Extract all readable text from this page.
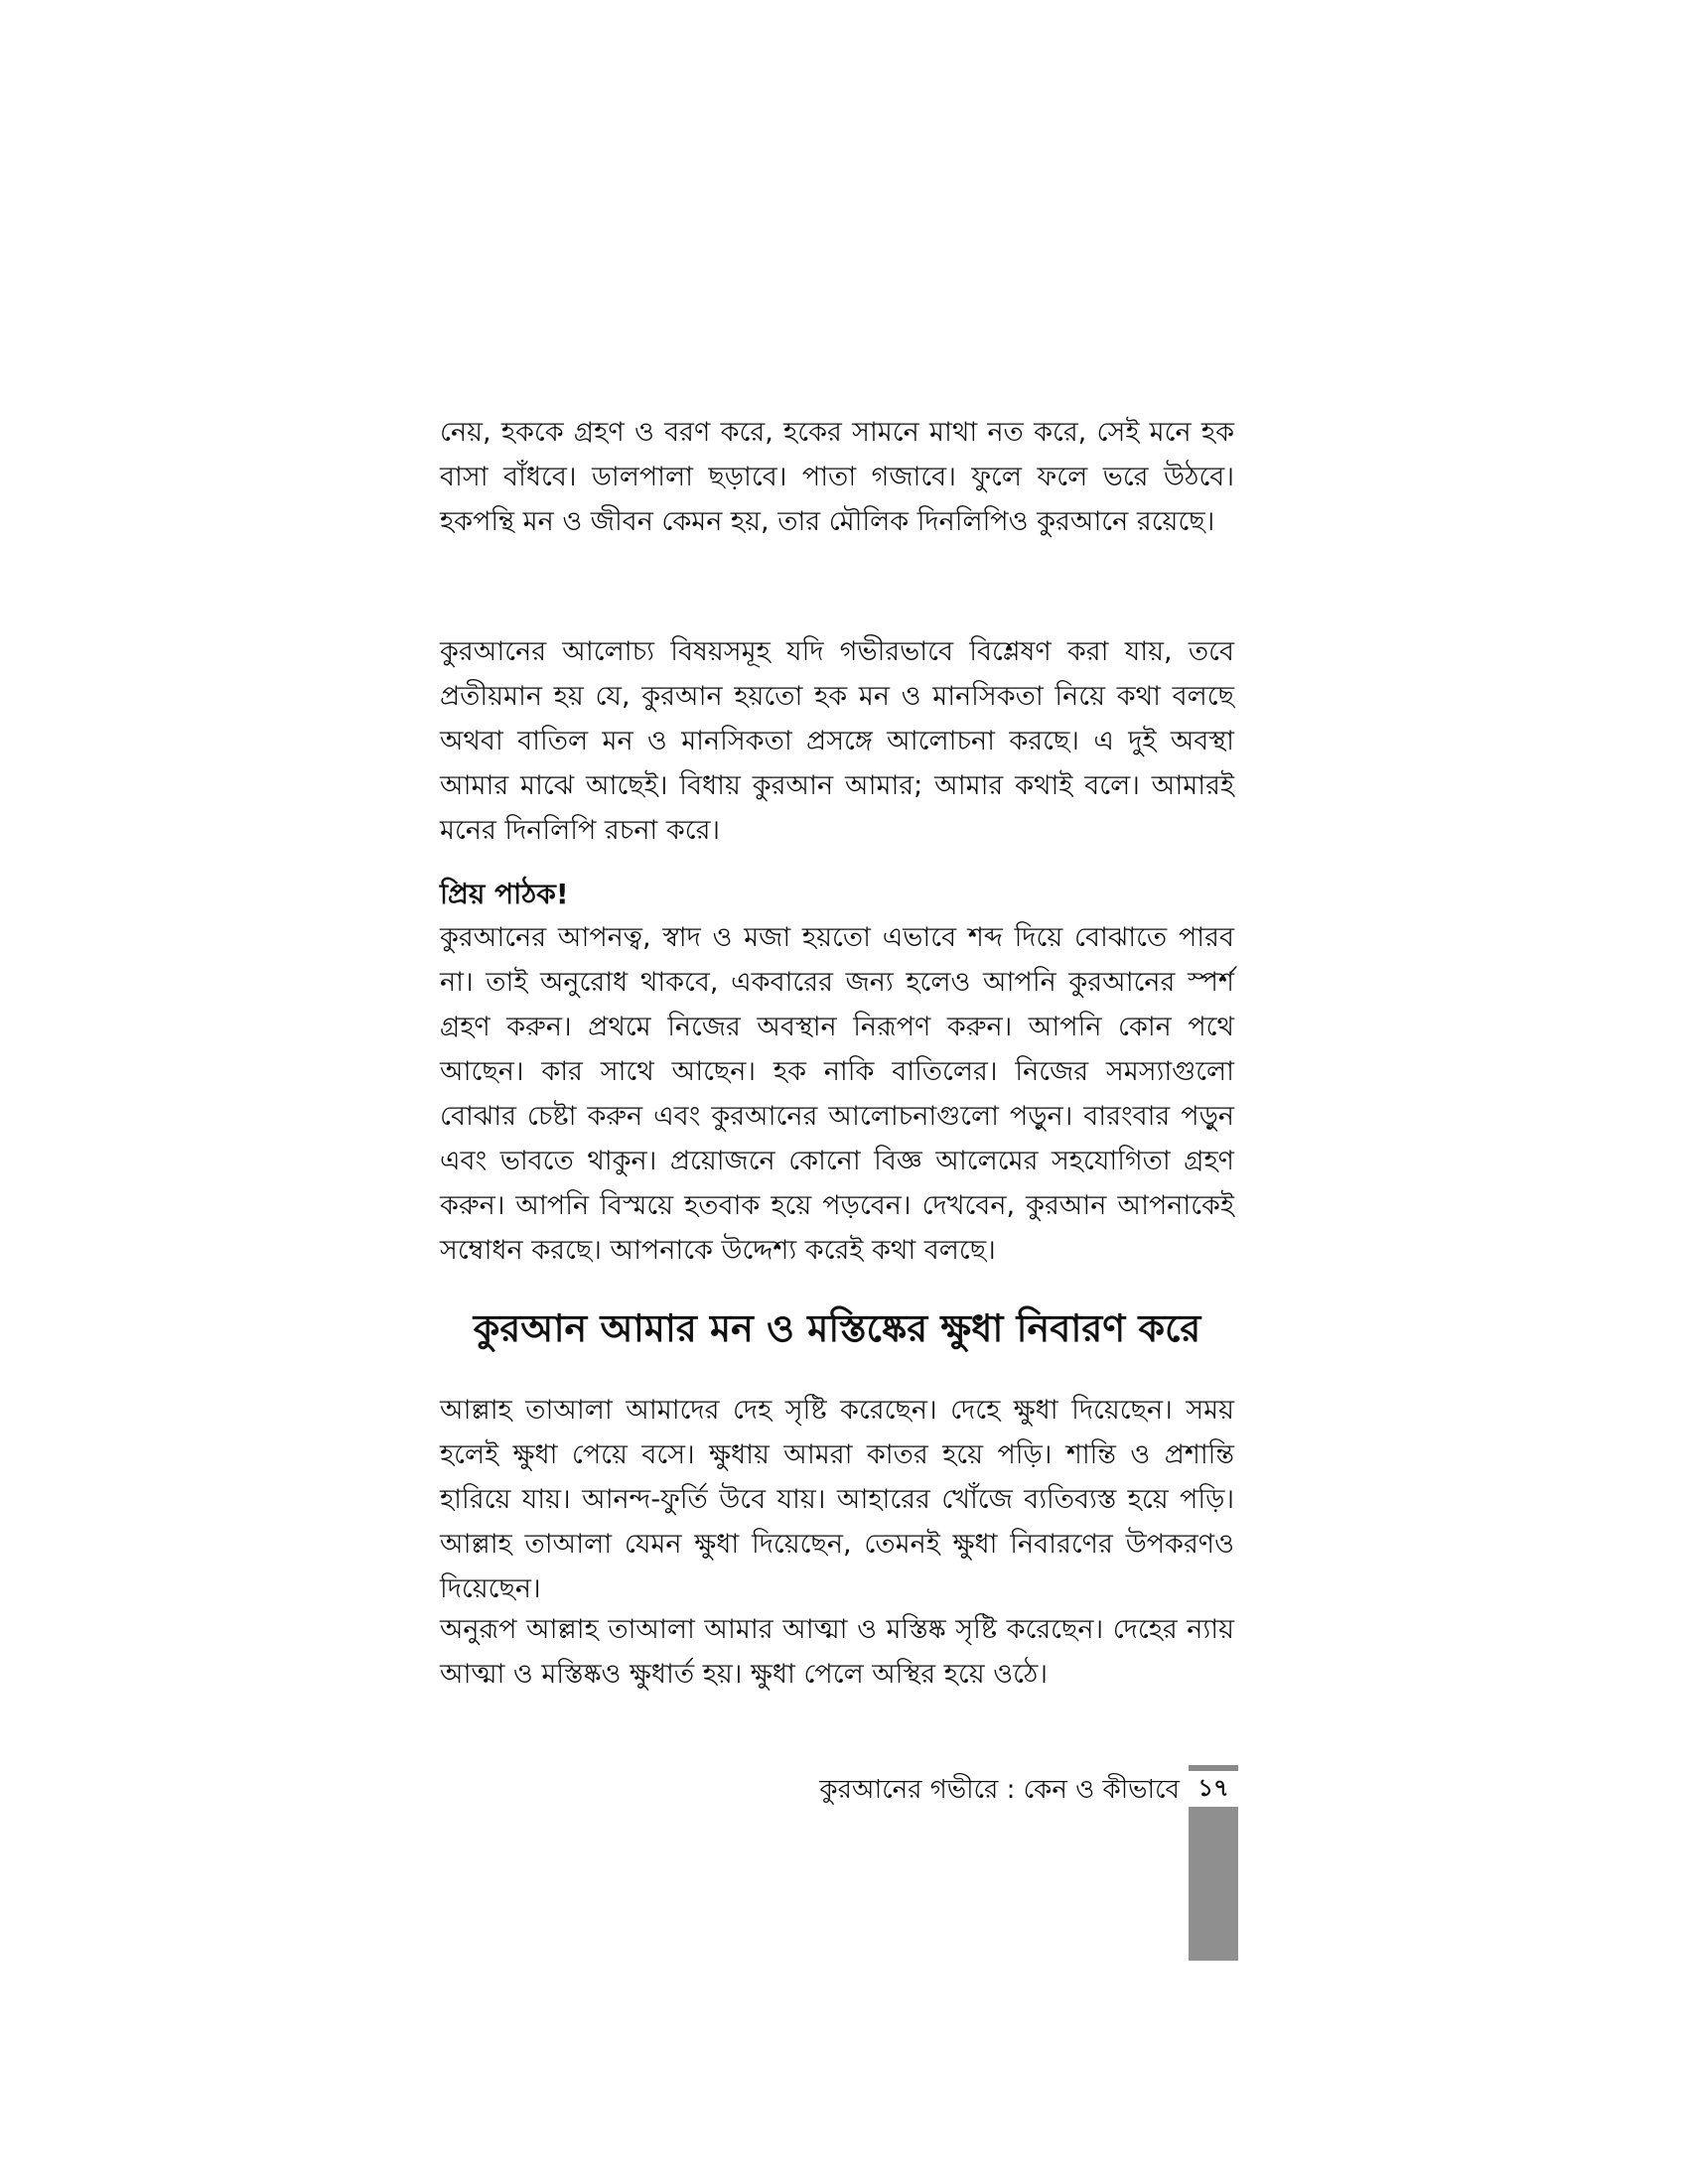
নেয়, হককে গ্রহণ ও বরণ করে, হকের সামনে মাথা নত করে, সেই মনে হক বাসা বাঁধবে। ডালপালা ছড়াবে। পাতা গজাবে। ফুলে ফলে ভরে উঠবে। হকপন্থি মন ও জীবন কেমন হয়, তার মৌলিক দিনলিপিও কুরআনে রয়েছে।

কুরআনের আলোচ্য বিষয়সমূহ যদি গভীরভাবে বিশ্লেষণ করা যায়, তবে প্রতীয়মান হয় যে, কুরআন হয়তো হক মন ও মানসিকতা নিয়ে কথা বলছে অথবা বাতিল মন ও মানসিকতা প্রসঙ্গে আলোচনা করছে। এ দুই অবস্থা আমার মাঝে আছেই। বিধায় কুরআন আমার; আমার কথাই বলে। আমারই মনের দিনলিপি রচনা করে।

প্রিয় পাঠক!

কুরআনের আপনত্ব, স্বাদ ও মজা হয়তো এভাবে শব্দ দিয়ে বোঝাতে পারব না। তাই অনুরোধ থাকবে, একবারের জন্য হলেও আপনি কুরআনের স্পর্শ গ্রহণ করুন। প্রথমে নিজের অবস্থান নিরূপণ করুন। আপনি কোন পথে আছেন। কার সাথে আছেন। হক নাকি বাতিলের। নিজের সমস্যাগুলো বোঝার চেষ্টা করুন এবং কুরআনের আলোচনাগুলো পড়ুন। বারংবার পড়ুন এবং ভাবতে থাকুন। প্রয়োজনে কোনো বিজ্ঞ আলেমের সহযোগিতা গ্রহণ করুন। আপনি বিস্ময়ে হতবাক হয়ে পড়বেন। দেখবেন, কুরআন আপনাকেই সম্বোধন করছে। আপনাকে উদ্দেশ্য করেই কথা বলছে।

কুরআন আমার মন ও মস্তিষ্কের ক্ষুধা নিবারণ করে

আল্লাহ তাআলা আমাদের দেহ সৃষ্টি করেছেন। দেহে ক্ষুধা দিয়েছেন। সময় হলেই ক্ষুধা পেয়ে বসে। ক্ষুধায় আমরা কাতর হয়ে পড়ি। শান্তি ও প্রশান্তি হারিয়ে যায়। আনন্দ-ফুর্তি উবে যায়। আহারের খোঁজে ব্যতিব্যস্ত হয়ে পড়ি। আল্লাহ তাআলা যেমন ক্ষুধা দিয়েছেন, তেমনই ক্ষুধা নিবারণের উপকরণও দিয়েছেন।

অনুরূপ আল্লাহ তাআলা আমার আত্মা ও মস্তিষ্ক সৃষ্টি করেছেন। দেহের ন্যায় আত্মা ও মস্তিষ্কও ক্ষুধার্ত হয়। ক্ষুধা পেলে অস্থির হয়ে ওঠে।

কুরআনের গভীরে : কেন ও কীভাবে ১৭
